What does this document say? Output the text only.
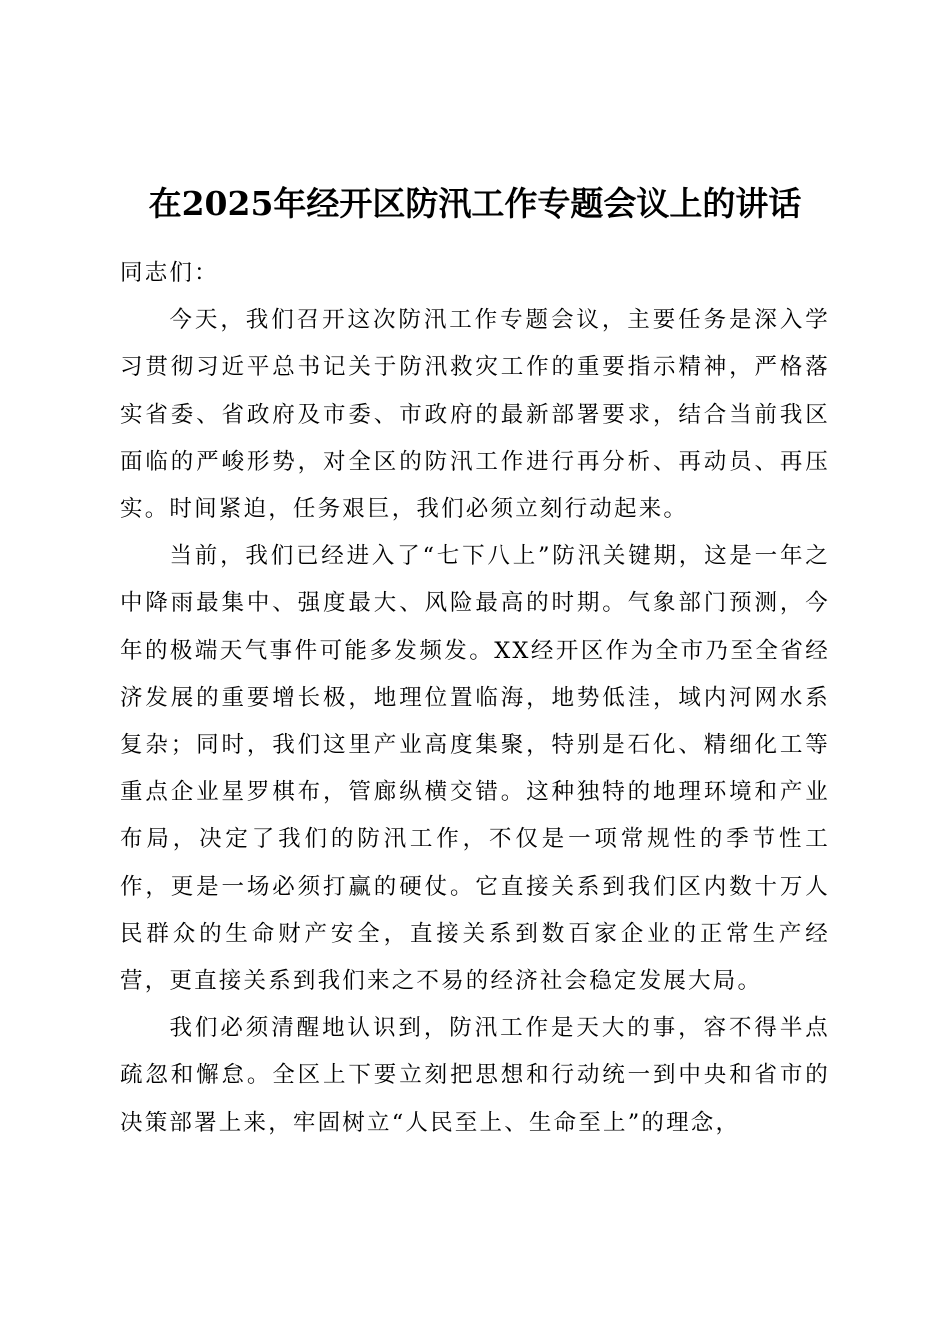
在2025年经开区防汛工作专题会议上的讲话

同志们：

今天，我们召开这次防汛工作专题会议，主要任务是深入学习贯彻习近平总书记关于防汛救灾工作的重要指示精神，严格落实省委、省政府及市委、市政府的最新部署要求，结合当前我区面临的严峻形势，对全区的防汛工作进行再分析、再动员、再压实。时间紧迫，任务艰巨，我们必须立刻行动起来。

当前，我们已经进入了“七下八上”防汛关键期，这是一年之中降雨最集中、强度最大、风险最高的时期。气象部门预测，今年的极端天气事件可能多发频发。XX经开区作为全市乃至全省经济发展的重要增长极，地理位置临海，地势低洼，域内河网水系复杂；同时，我们这里产业高度集聚，特别是石化、精细化工等重点企业星罗棋布，管廊纵横交错。这种独特的地理环境和产业布局，决定了我们的防汛工作，不仅是一项常规性的季节性工作，更是一场必须打赢的硬仗。它直接关系到我们区内数十万人民群众的生命财产安全，直接关系到数百家企业的正常生产经营，更直接关系到我们来之不易的经济社会稳定发展大局。

我们必须清醒地认识到，防汛工作是天大的事，容不得半点疏忽和懈怠。全区上下要立刻把思想和行动统一到中央和省市的决策部署上来，牢固树立“人民至上、生命至上”的理念，
